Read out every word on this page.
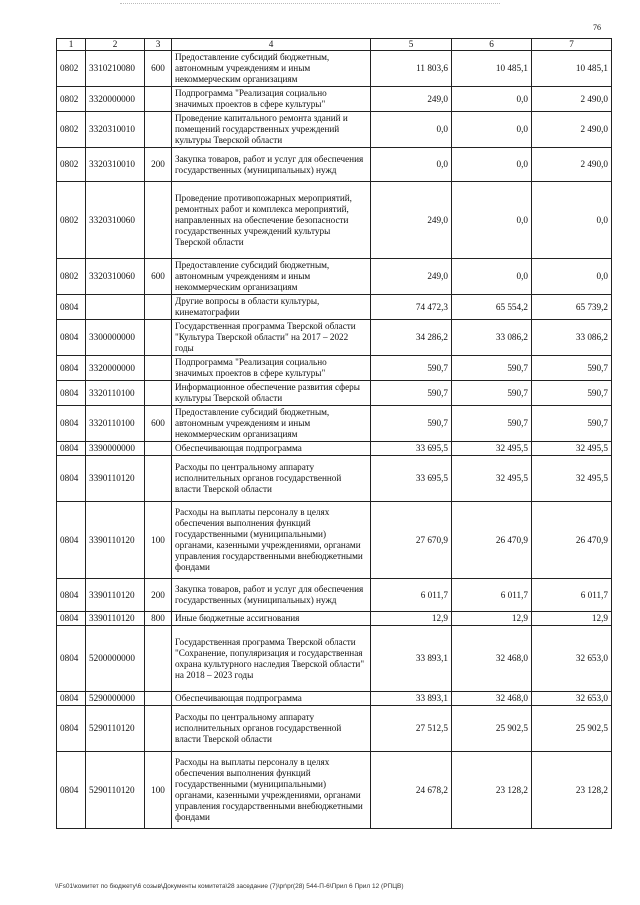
76
1	2	3	4	5	6	7
0802	3310210080	600	Предоставление субсидий бюджетным, автономным учреждениям и иным некоммерческим организациям	11 803,6	10 485,1	10 485,1
0802	3320000000		Подпрограмма "Реализация социально значимых проектов в сфере культуры"	249,0	0,0	2 490,0
0802	3320310010		Проведение капитального ремонта зданий и помещений государственных учреждений культуры Тверской области	0,0	0,0	2 490,0
0802	3320310010	200	Закупка товаров, работ и услуг для обеспечения государственных (муниципальных) нужд	0,0	0,0	2 490,0
0802	3320310060		Проведение противопожарных мероприятий, ремонтных работ и комплекса мероприятий, направленных на обеспечение безопасности государственных учреждений культуры Тверской области	249,0	0,0	0,0
0802	3320310060	600	Предоставление субсидий бюджетным, автономным учреждениям и иным некоммерческим организациям	249,0	0,0	0,0
0804			Другие вопросы в области культуры, кинематографии	74 472,3	65 554,2	65 739,2
0804	3300000000		Государственная программа Тверской области "Культура Тверской области" на 2017 – 2022 годы	34 286,2	33 086,2	33 086,2
0804	3320000000		Подпрограмма "Реализация социально значимых проектов в сфере культуры"	590,7	590,7	590,7
0804	3320110100		Информационное обеспечение развития сферы культуры Тверской области	590,7	590,7	590,7
0804	3320110100	600	Предоставление субсидий бюджетным, автономным учреждениям и иным некоммерческим организациям	590,7	590,7	590,7
0804	3390000000		Обеспечивающая подпрограмма	33 695,5	32 495,5	32 495,5
0804	3390110120		Расходы по центральному аппарату исполнительных органов государственной власти Тверской области	33 695,5	32 495,5	32 495,5
0804	3390110120	100	Расходы на выплаты персоналу в целях обеспечения выполнения функций государственными (муниципальными) органами, казенными учреждениями, органами управления государственными внебюджетными фондами	27 670,9	26 470,9	26 470,9
0804	3390110120	200	Закупка товаров, работ и услуг для обеспечения государственных (муниципальных) нужд	6 011,7	6 011,7	6 011,7
0804	3390110120	800	Иные бюджетные ассигнования	12,9	12,9	12,9
0804	5200000000		Государственная программа Тверской области "Сохранение, популяризация и государственная охрана культурного наследия Тверской области" на 2018 – 2023 годы	33 893,1	32 468,0	32 653,0
0804	5290000000		Обеспечивающая подпрограмма	33 893,1	32 468,0	32 653,0
0804	5290110120		Расходы по центральному аппарату исполнительных органов государственной власти Тверской области	27 512,5	25 902,5	25 902,5
0804	5290110120	100	Расходы на выплаты персоналу в целях обеспечения выполнения функций государственными (муниципальными) органами, казенными учреждениями, органами управления государственными внебюджетными фондами	24 678,2	23 128,2	23 128,2
\\Fs01\комитет по бюджету\6 созыв\Документы комитета\28 заседание (7)\pr\pr(28) 544-П-6\Прил 6 Прил 12 (РПЦВ)
